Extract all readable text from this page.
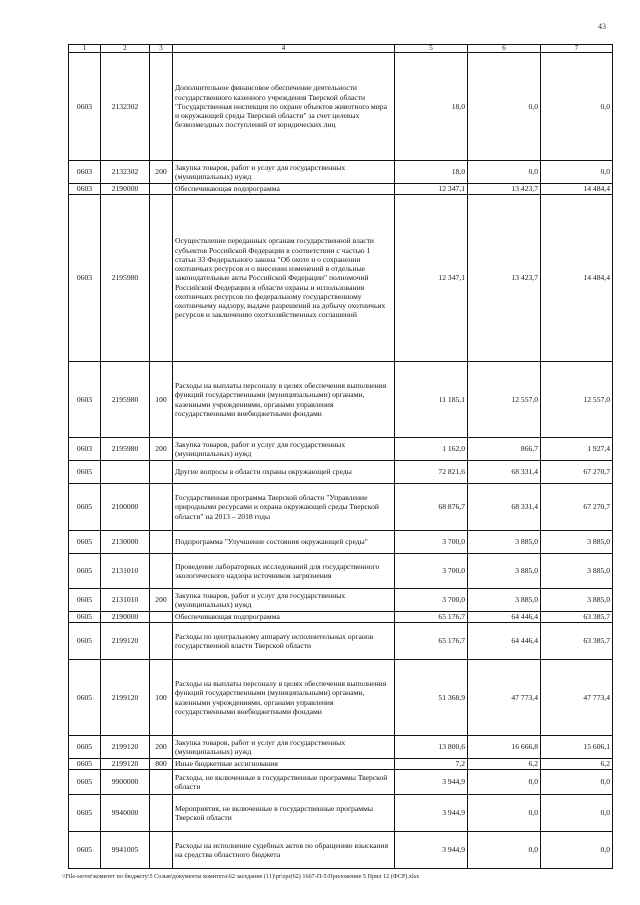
43
1	2	3	4	5	6	7
0603	2132302		Дополнительное финансовое обеспечение деятельности государственного казенного учреждения Тверской области "Государственная инспекция по охране объектов животного мира и окружающей среды Тверской области" за счет целевых безвозмездных поступлений от юридических лиц	18,0	0,0	0,0
0603	2132302	200	Закупка товаров, работ и услуг для государственных (муниципальных) нужд	18,0	0,0	0,0
0603	2190000		Обеспечивающая подпрограмма	12 347,1	13 423,7	14 484,4
0603	2195980		Осуществление переданных органам государственной власти субъектов Российской Федерации в соответствии с частью 1 статьи 33 Федерального закона "Об охоте и о сохранении охотничьих ресурсов и о внесении изменений в отдельные законодательные акты Российской Федерации" полномочий Российской Федерации в области охраны и использования охотничьих ресурсов по федеральному государственному охотничьему надзору, выдаче разрешений на добычу охотничьих ресурсов и заключению охотхозяйственных соглашений	12 347,1	13 423,7	14 484,4
0603	2195980	100	Расходы на выплаты персоналу в целях обеспечения выполнения функций государственными (муниципальными) органами, казенными учреждениями, органами управления государственными внебюджетными фондами	11 185,1	12 557,0	12 557,0
0603	2195980	200	Закупка товаров, работ и услуг для государственных (муниципальных) нужд	1 162,0	866,7	1 927,4
0605			Другие вопросы в области охраны окружающей среды	72 821,6	68 331,4	67 270,7
0605	2100000		Государственная программа Тверской области "Управление природными ресурсами и охрана окружающей среды Тверской области" на 2013 – 2018 годы	68 876,7	68 331,4	67 270,7
0605	2130000		Подпрограмма "Улучшение состояния окружающей среды"	3 700,0	3 885,0	3 885,0
0605	2131010		Проведение лабораторных исследований для государственного экологического надзора источников загрязнения	3 700,0	3 885,0	3 885,0
0605	2131010	200	Закупка товаров, работ и услуг для государственных (муниципальных) нужд	3 700,0	3 885,0	3 885,0
0605	2190000		Обеспечивающая подпрограмма	65 176,7	64 446,4	63 385,7
0605	2199120		Расходы по центральному аппарату исполнительных органов государственной власти Тверской области	65 176,7	64 446,4	63 385,7
0605	2199120	100	Расходы на выплаты персоналу в целях обеспечения выполнения функций государственными (муниципальными) органами, казенными учреждениями, органами управления государственными внебюджетными фондами	51 368,9	47 773,4	47 773,4
0605	2199120	200	Закупка товаров, работ и услуг для государственных (муниципальных) нужд	13 800,6	16 666,8	15 606,1
0605	2199120	800	Иные бюджетные ассигнования	7,2	6,2	6,2
0605	9900000		Расходы, не включенные в государственные программы Тверской области	3 944,9	0,0	0,0
0605	9940000		Мероприятия, не включенные в государственные программы Тверской области	3 944,9	0,0	0,0
0605	9941005		Расходы на исполнение судебных актов по обращению взыскания на средства областного бюджета	3 944,9	0,0	0,0
\\File-server\комитет по бюджету\5 Созыв\документы комитета\62 заседание (11)\pr\zpr(62) 1667-П-5\Приложение 5 Прил 12 (ФСР).xlsx
